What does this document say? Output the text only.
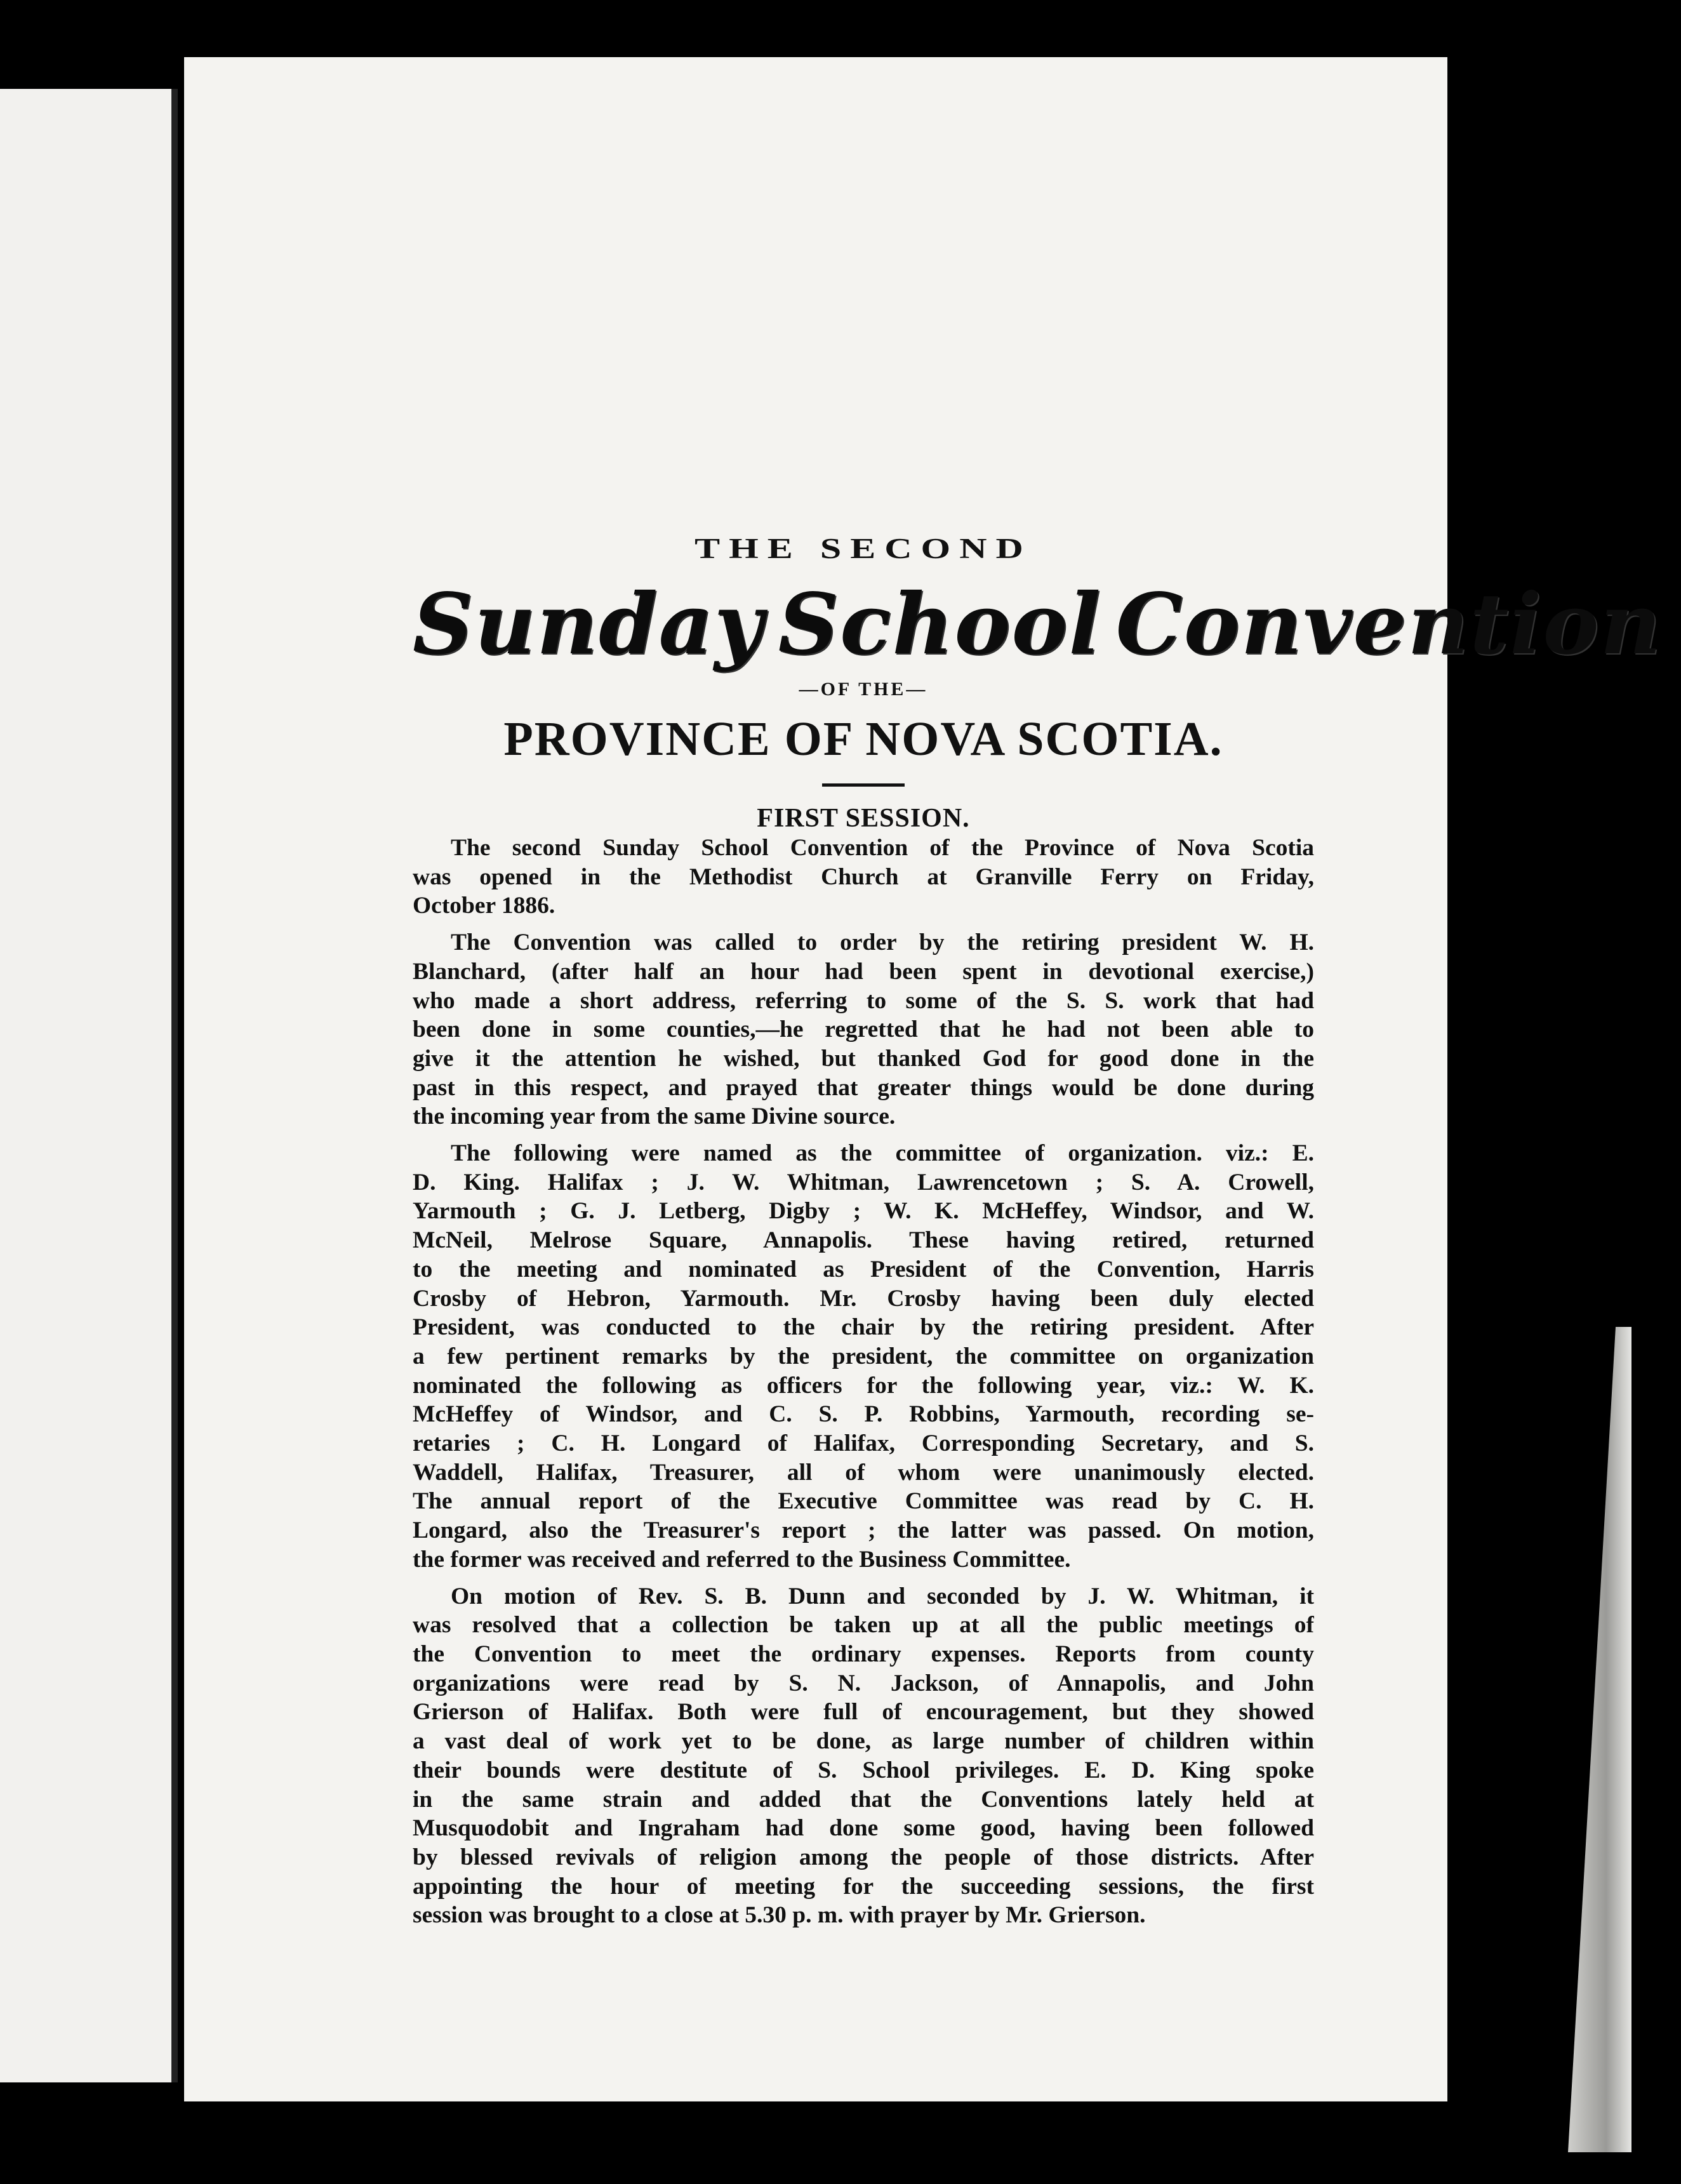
THE SECOND
Sunday School Convention
—OF THE—
PROVINCE OF NOVA SCOTIA.
FIRST SESSION.
The second Sunday School Convention of the Province of Nova Scotia
was opened in the Methodist Church at Granville Ferry on Friday,
October 1886.
The Convention was called to order by the retiring president W. H.
Blanchard, (after half an hour had been spent in devotional exercise,)
who made a short address, referring to some of the S. S. work that had
been done in some counties,—he regretted that he had not been able to
give it the attention he wished, but thanked God for good done in the
past in this respect, and prayed that greater things would be done during
the incoming year from the same Divine source.
The following were named as the committee of organization. viz.: E.
D. King. Halifax ; J. W. Whitman, Lawrencetown ; S. A. Crowell,
Yarmouth ; G. J. Letberg, Digby ; W. K. McHeffey, Windsor, and W.
McNeil, Melrose Square, Annapolis. These having retired, returned
to the meeting and nominated as President of the Convention, Harris
Crosby of Hebron, Yarmouth. Mr. Crosby having been duly elected
President, was conducted to the chair by the retiring president. After
a few pertinent remarks by the president, the committee on organization
nominated the following as officers for the following year, viz.: W. K.
McHeffey of Windsor, and C. S. P. Robbins, Yarmouth, recording se-
retaries ; C. H. Longard of Halifax, Corresponding Secretary, and S.
Waddell, Halifax, Treasurer, all of whom were unanimously elected.
The annual report of the Executive Committee was read by C. H.
Longard, also the Treasurer's report ; the latter was passed. On motion,
the former was received and referred to the Business Committee.
On motion of Rev. S. B. Dunn and seconded by J. W. Whitman, it
was resolved that a collection be taken up at all the public meetings of
the Convention to meet the ordinary expenses. Reports from county
organizations were read by S. N. Jackson, of Annapolis, and John
Grierson of Halifax. Both were full of encouragement, but they showed
a vast deal of work yet to be done, as large number of children within
their bounds were destitute of S. School privileges. E. D. King spoke
in the same strain and added that the Conventions lately held at
Musquodobit and Ingraham had done some good, having been followed
by blessed revivals of religion among the people of those districts. After
appointing the hour of meeting for the succeeding sessions, the first
session was brought to a close at 5.30 p. m. with prayer by Mr. Grierson.
